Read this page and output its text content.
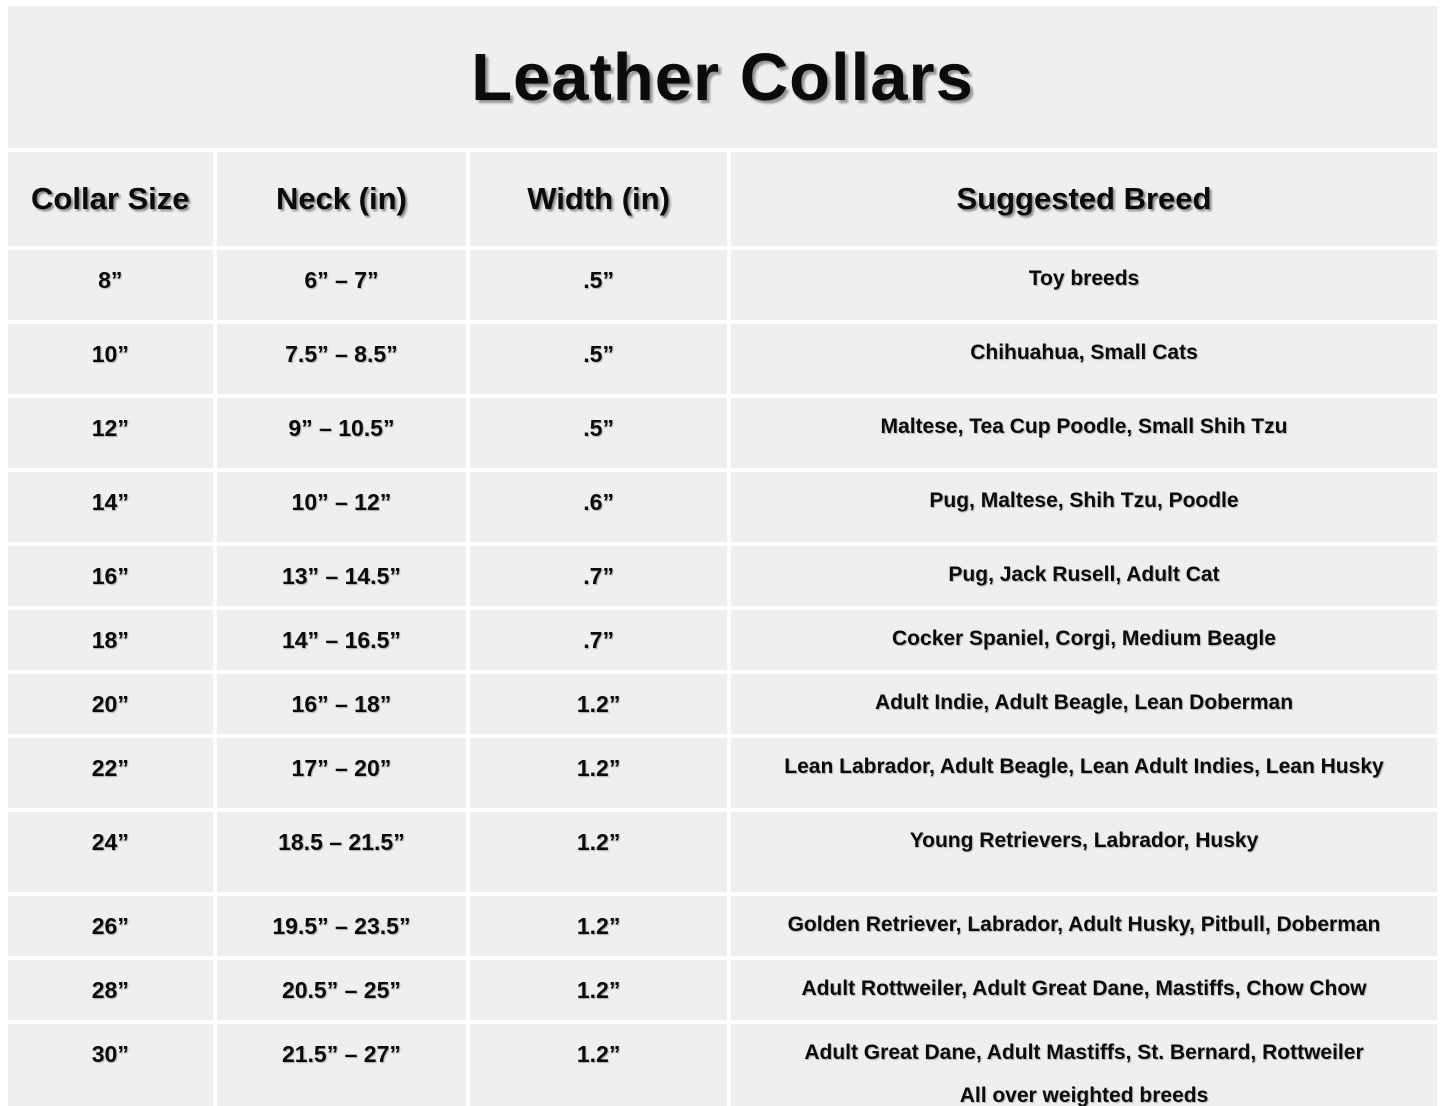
Leather Collars			
Collar Size	Neck (in)	Width (in)	Suggested Breed
8”	6” – 7”	.5”	Toy breeds
10”	7.5” – 8.5”	.5”	Chihuahua, Small Cats
12”	9” – 10.5”	.5”	Maltese, Tea Cup Poodle, Small Shih Tzu
14”	10” – 12”	.6”	Pug, Maltese, Shih Tzu, Poodle
16”	13” – 14.5”	.7”	Pug, Jack Rusell, Adult Cat
18”	14” – 16.5”	.7”	Cocker Spaniel, Corgi, Medium Beagle
20”	16” – 18”	1.2”	Adult Indie, Adult Beagle, Lean Doberman
22”	17” – 20”	1.2”	Lean Labrador, Adult Beagle, Lean Adult Indies, Lean Husky
24”	18.5 – 21.5”	1.2”	Young Retrievers, Labrador, Husky
26”	19.5” – 23.5”	1.2”	Golden Retriever, Labrador, Adult Husky, Pitbull, Doberman
28”	20.5” – 25”	1.2”	Adult Rottweiler, Adult Great Dane, Mastiffs, Chow Chow
30”	21.5” – 27”	1.2”	Adult Great Dane, Adult Mastiffs, St. Bernard, Rottweiler
All over weighted breeds
